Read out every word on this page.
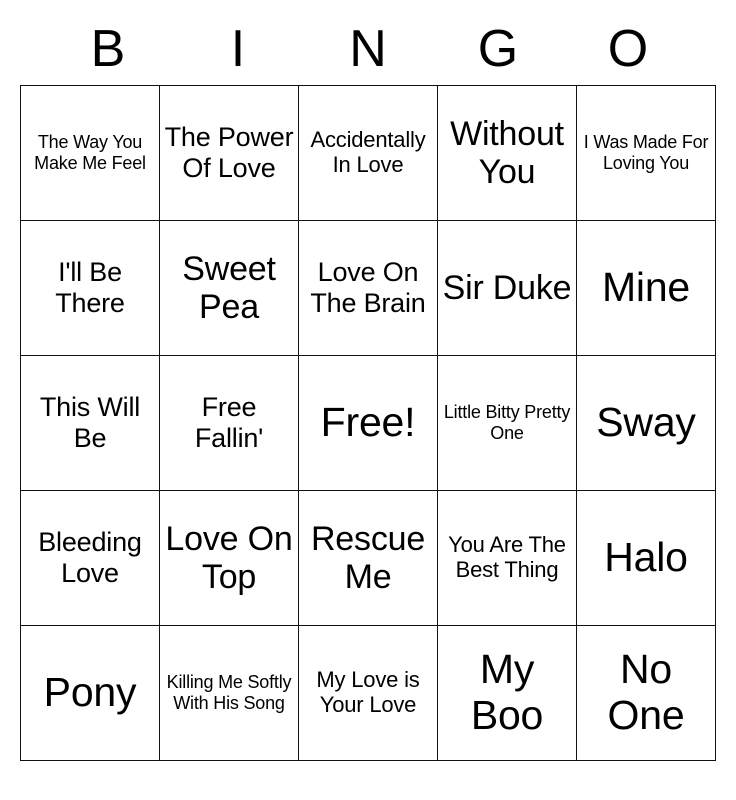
B	I	N	G	O
The Way You Make Me Feel	The Power Of Love	Accidentally In Love	Without You	I Was Made For Loving You

I'll Be There	Sweet Pea	Love On The Brain	Sir Duke	Mine

This Will Be	Free Fallin'	Free!	Little Bitty Pretty One	Sway

Bleeding Love	Love On Top	Rescue Me	You Are The Best Thing	Halo

Pony	Killing Me Softly With His Song	My Love is Your Love	My Boo	No One
